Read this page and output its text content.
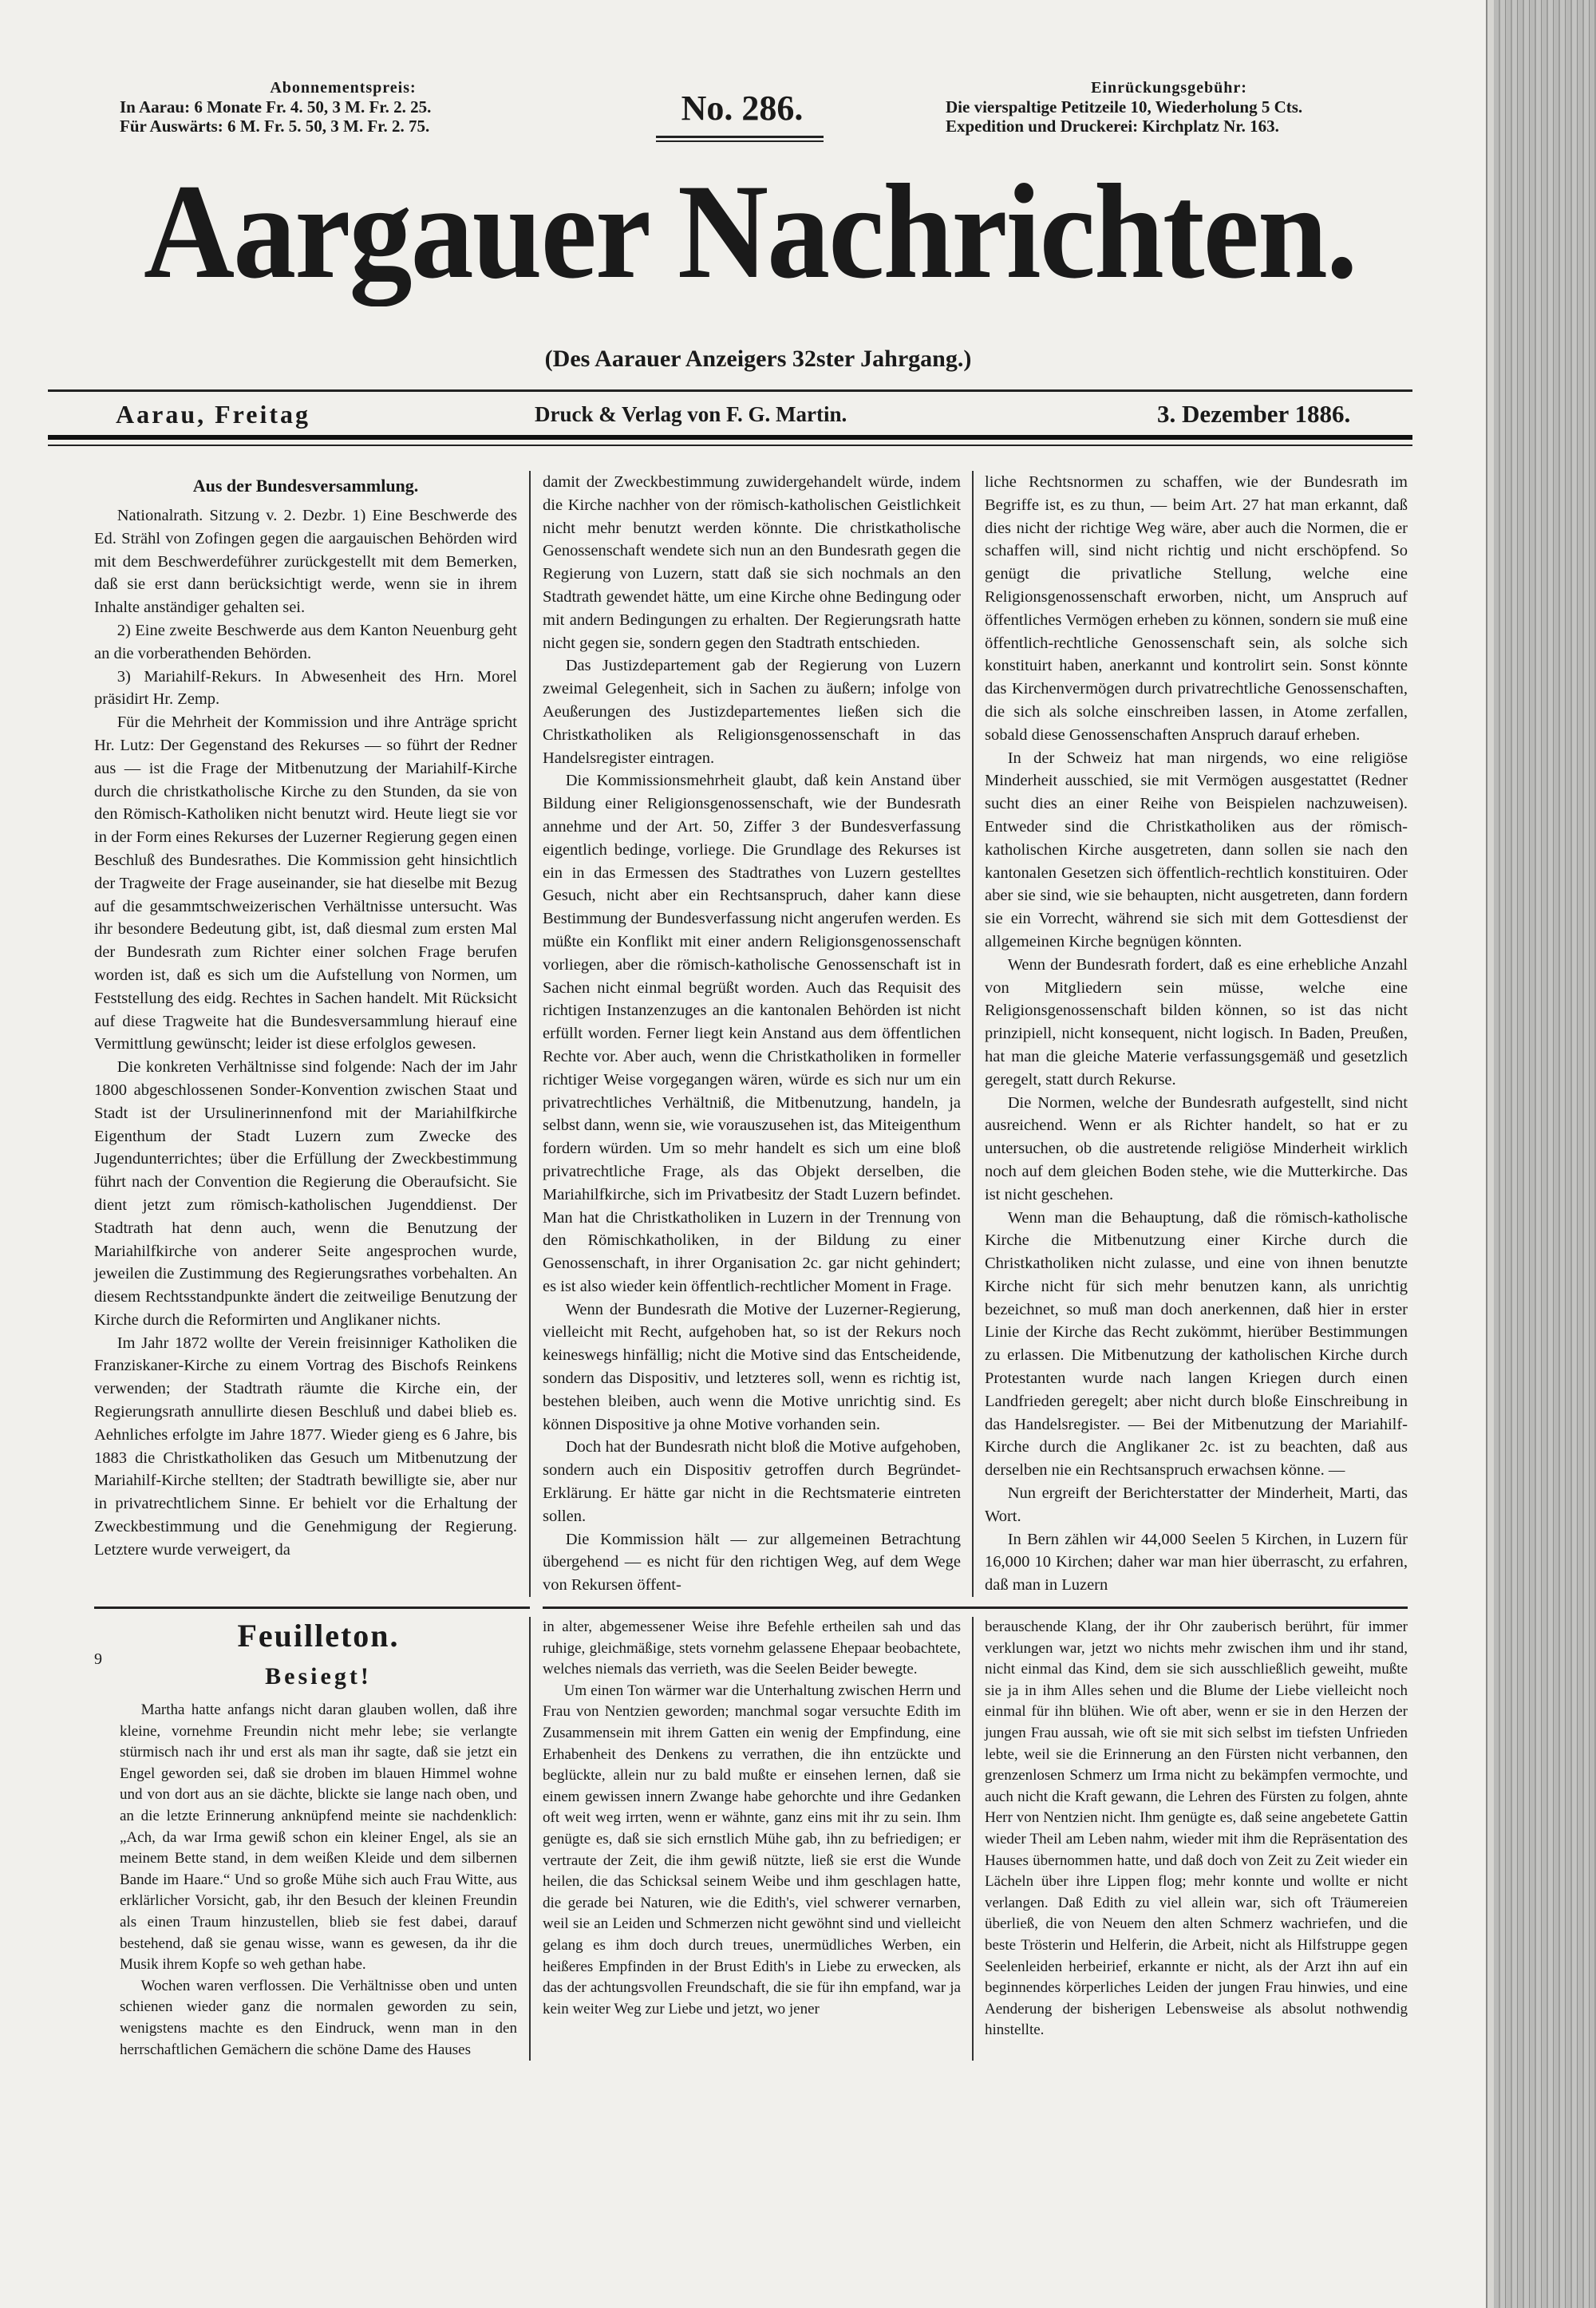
Abonnementspreis:
In Aarau: 6 Monate Fr. 4. 50, 3 M. Fr. 2. 25.
Für Auswärts: 6 M. Fr. 5. 50, 3 M. Fr. 2. 75.	No. 286.
Einrückungsgebühr:
Die vierspaltige Petitzeile 10, Wiederholung 5 Cts.
Expedition und Druckerei: Kirchplatz Nr. 163.
Aargauer Nachrichten.
(Des Aarauer Anzeigers 32ster Jahrgang.)
Aarau, Freitag	Druck & Verlag von F. G. Martin.	3. Dezember 1886.
Aus der Bundesversammlung.

Nationalrath. Sitzung v. 2. Dezbr. 1) Eine Beschwerde des Ed. Strähl von Zofingen gegen die aargauischen Behörden wird mit dem Beschwerdeführer zurückgestellt mit dem Bemerken, daß sie erst dann berücksichtigt werde, wenn sie in ihrem Inhalte anständiger gehalten sei.

2) Eine zweite Beschwerde aus dem Kanton Neuenburg geht an die vorberathenden Behörden.

3) Mariahilf-Rekurs. In Abwesenheit des Hrn. Morel präsidirt Hr. Zemp.

Für die Mehrheit der Kommission und ihre Anträge spricht Hr. Lutz: Der Gegenstand des Rekurses — so führt der Redner aus — ist die Frage der Mitbenutzung der Mariahilf-Kirche durch die christkatholische Kirche zu den Stunden, da sie von den Römisch-Katholiken nicht benutzt wird. Heute liegt sie vor in der Form eines Rekurses der Luzerner Regierung gegen einen Beschluß des Bundesrathes. Die Kommission geht hinsichtlich der Tragweite der Frage auseinander, sie hat dieselbe mit Bezug auf die gesammtschweizerischen Verhältnisse untersucht. Was ihr besondere Bedeutung gibt, ist, daß diesmal zum ersten Mal der Bundesrath zum Richter einer solchen Frage berufen worden ist, daß es sich um die Aufstellung von Normen, um Feststellung des eidg. Rechtes in Sachen handelt. Mit Rücksicht auf diese Tragweite hat die Bundesversammlung hierauf eine Vermittlung gewünscht; leider ist diese erfolglos gewesen.

Die konkreten Verhältnisse sind folgende: Nach der im Jahr 1800 abgeschlossenen Sonder-Konvention zwischen Staat und Stadt ist der Ursulinerinnenfond mit der Mariahilfkirche Eigenthum der Stadt Luzern zum Zwecke des Jugendunterrichtes; über die Erfüllung der Zweckbestimmung führt nach der Convention die Regierung die Oberaufsicht. Sie dient jetzt zum römisch-katholischen Jugenddienst. Der Stadtrath hat denn auch, wenn die Benutzung der Mariahilfkirche von anderer Seite angesprochen wurde, jeweilen die Zustimmung des Regierungsrathes vorbehalten. An diesem Rechtsstandpunkte ändert die zeitweilige Benutzung der Kirche durch die Reformirten und Anglikaner nichts.

Im Jahr 1872 wollte der Verein freisinniger Katholiken die Franziskaner-Kirche zu einem Vortrag des Bischofs Reinkens verwenden; der Stadtrath räumte die Kirche ein, der Regierungsrath annullirte diesen Beschluß und dabei blieb es. Aehnliches erfolgte im Jahre 1877. Wieder gieng es 6 Jahre, bis 1883 die Christkatholiken das Gesuch um Mitbenutzung der Mariahilf-Kirche stellten; der Stadtrath bewilligte sie, aber nur in privatrechtlichem Sinne. Er behielt vor die Erhaltung der Zweckbestimmung und die Genehmigung der Regierung. Letztere wurde verweigert, da

damit der Zweckbestimmung zuwidergehandelt würde, indem die Kirche nachher von der römisch-katholischen Geistlichkeit nicht mehr benutzt werden könnte. Die christkatholische Genossenschaft wendete sich nun an den Bundesrath gegen die Regierung von Luzern, statt daß sie sich nochmals an den Stadtrath gewendet hätte, um eine Kirche ohne Bedingung oder mit andern Bedingungen zu erhalten. Der Regierungsrath hatte nicht gegen sie, sondern gegen den Stadtrath entschieden.

Das Justizdepartement gab der Regierung von Luzern zweimal Gelegenheit, sich in Sachen zu äußern; infolge von Aeußerungen des Justizdepartementes ließen sich die Christkatholiken als Religionsgenossenschaft in das Handelsregister eintragen.

Die Kommissionsmehrheit glaubt, daß kein Anstand über Bildung einer Religionsgenossenschaft, wie der Bundesrath annehme und der Art. 50, Ziffer 3 der Bundesverfassung eigentlich bedinge, vorliege. Die Grundlage des Rekurses ist ein in das Ermessen des Stadtrathes von Luzern gestelltes Gesuch, nicht aber ein Rechtsanspruch, daher kann diese Bestimmung der Bundesverfassung nicht angerufen werden. Es müßte ein Konflikt mit einer andern Religionsgenossenschaft vorliegen, aber die römisch-katholische Genossenschaft ist in Sachen nicht einmal begrüßt worden. Auch das Requisit des richtigen Instanzenzuges an die kantonalen Behörden ist nicht erfüllt worden. Ferner liegt kein Anstand aus dem öffentlichen Rechte vor. Aber auch, wenn die Christkatholiken in formeller richtiger Weise vorgegangen wären, würde es sich nur um ein privatrechtliches Verhältniß, die Mitbenutzung, handeln, ja selbst dann, wenn sie, wie vorauszusehen ist, das Miteigenthum fordern würden. Um so mehr handelt es sich um eine bloß privatrechtliche Frage, als das Objekt derselben, die Mariahilfkirche, sich im Privatbesitz der Stadt Luzern befindet. Man hat die Christkatholiken in Luzern in der Trennung von den Römischkatholiken, in der Bildung zu einer Genossenschaft, in ihrer Organisation 2c. gar nicht gehindert; es ist also wieder kein öffentlich-rechtlicher Moment in Frage.

Wenn der Bundesrath die Motive der Luzerner-Regierung, vielleicht mit Recht, aufgehoben hat, so ist der Rekurs noch keineswegs hinfällig; nicht die Motive sind das Entscheidende, sondern das Dispositiv, und letzteres soll, wenn es richtig ist, bestehen bleiben, auch wenn die Motive unrichtig sind. Es können Dispositive ja ohne Motive vorhanden sein.

Doch hat der Bundesrath nicht bloß die Motive aufgehoben, sondern auch ein Dispositiv getroffen durch Begründet-Erklärung. Er hätte gar nicht in die Rechtsmaterie eintreten sollen.

Die Kommission hält — zur allgemeinen Betrachtung übergehend — es nicht für den richtigen Weg, auf dem Wege von Rekursen öffent-

liche Rechtsnormen zu schaffen, wie der Bundesrath im Begriffe ist, es zu thun, — beim Art. 27 hat man erkannt, daß dies nicht der richtige Weg wäre, aber auch die Normen, die er schaffen will, sind nicht richtig und nicht erschöpfend. So genügt die privatliche Stellung, welche eine Religionsgenossenschaft erworben, nicht, um Anspruch auf öffentliches Vermögen erheben zu können, sondern sie muß eine öffentlich-rechtliche Genossenschaft sein, als solche sich konstituirt haben, anerkannt und kontrolirt sein. Sonst könnte das Kirchenvermögen durch privatrechtliche Genossenschaften, die sich als solche einschreiben lassen, in Atome zerfallen, sobald diese Genossenschaften Anspruch darauf erheben.

In der Schweiz hat man nirgends, wo eine religiöse Minderheit ausschied, sie mit Vermögen ausgestattet (Redner sucht dies an einer Reihe von Beispielen nachzuweisen). Entweder sind die Christkatholiken aus der römisch-katholischen Kirche ausgetreten, dann sollen sie nach den kantonalen Gesetzen sich öffentlich-rechtlich konstituiren. Oder aber sie sind, wie sie behaupten, nicht ausgetreten, dann fordern sie ein Vorrecht, während sie sich mit dem Gottesdienst der allgemeinen Kirche begnügen könnten.

Wenn der Bundesrath fordert, daß es eine erhebliche Anzahl von Mitgliedern sein müsse, welche eine Religionsgenossenschaft bilden können, so ist das nicht prinzipiell, nicht konsequent, nicht logisch. In Baden, Preußen, hat man die gleiche Materie verfassungsgemäß und gesetzlich geregelt, statt durch Rekurse.

Die Normen, welche der Bundesrath aufgestellt, sind nicht ausreichend. Wenn er als Richter handelt, so hat er zu untersuchen, ob die austretende religiöse Minderheit wirklich noch auf dem gleichen Boden stehe, wie die Mutterkirche. Das ist nicht geschehen.

Wenn man die Behauptung, daß die römisch-katholische Kirche die Mitbenutzung einer Kirche durch die Christkatholiken nicht zulasse, und eine von ihnen benutzte Kirche nicht für sich mehr benutzen kann, als unrichtig bezeichnet, so muß man doch anerkennen, daß hier in erster Linie der Kirche das Recht zukömmt, hierüber Bestimmungen zu erlassen. Die Mitbenutzung der katholischen Kirche durch Protestanten wurde nach langen Kriegen durch einen Landfrieden geregelt; aber nicht durch bloße Einschreibung in das Handelsregister. — Bei der Mitbenutzung der Mariahilf-Kirche durch die Anglikaner 2c. ist zu beachten, daß aus derselben nie ein Rechtsanspruch erwachsen könne. —

Nun ergreift der Berichterstatter der Minderheit, Marti, das Wort.

In Bern zählen wir 44,000 Seelen 5 Kirchen, in Luzern für 16,000 10 Kirchen; daher war man hier überrascht, zu erfahren, daß man in Luzern

9
Feuilleton.
Besiegt!

Martha hatte anfangs nicht daran glauben wollen, daß ihre kleine, vornehme Freundin nicht mehr lebe; sie verlangte stürmisch nach ihr und erst als man ihr sagte, daß sie jetzt ein Engel geworden sei, daß sie droben im blauen Himmel wohne und von dort aus an sie dächte, blickte sie lange nach oben, und an die letzte Erinnerung anknüpfend meinte sie nachdenklich: „Ach, da war Irma gewiß schon ein kleiner Engel, als sie an meinem Bette stand, in dem weißen Kleide und dem silbernen Bande im Haare.“ Und so große Mühe sich auch Frau Witte, aus erklärlicher Vorsicht, gab, ihr den Besuch der kleinen Freundin als einen Traum hinzustellen, blieb sie fest dabei, darauf bestehend, daß sie genau wisse, wann es gewesen, da ihr die Musik ihrem Kopfe so weh gethan habe.

Wochen waren verflossen. Die Verhältnisse oben und unten schienen wieder ganz die normalen geworden zu sein, wenigstens machte es den Eindruck, wenn man in den herrschaftlichen Gemächern die schöne Dame des Hauses

in alter, abgemessener Weise ihre Befehle ertheilen sah und das ruhige, gleichmäßige, stets vornehm gelassene Ehepaar beobachtete, welches niemals das verrieth, was die Seelen Beider bewegte.

Um einen Ton wärmer war die Unterhaltung zwischen Herrn und Frau von Nentzien geworden; manchmal sogar versuchte Edith im Zusammensein mit ihrem Gatten ein wenig der Empfindung, eine Erhabenheit des Denkens zu verrathen, die ihn entzückte und beglückte, allein nur zu bald mußte er einsehen lernen, daß sie einem gewissen innern Zwange habe gehorchte und ihre Gedanken oft weit weg irrten, wenn er wähnte, ganz eins mit ihr zu sein. Ihm genügte es, daß sie sich ernstlich Mühe gab, ihn zu befriedigen; er vertraute der Zeit, die ihm gewiß nützte, ließ sie erst die Wunde heilen, die das Schicksal seinem Weibe und ihm geschlagen hatte, die gerade bei Naturen, wie die Edith's, viel schwerer vernarben, weil sie an Leiden und Schmerzen nicht gewöhnt sind und vielleicht gelang es ihm doch durch treues, unermüdliches Werben, ein heißeres Empfinden in der Brust Edith's in Liebe zu erwecken, als das der achtungsvollen Freundschaft, die sie für ihn empfand, war ja kein weiter Weg zur Liebe und jetzt, wo jener

berauschende Klang, der ihr Ohr zauberisch berührt, für immer verklungen war, jetzt wo nichts mehr zwischen ihm und ihr stand, nicht einmal das Kind, dem sie sich ausschließlich geweiht, mußte sie ja in ihm Alles sehen und die Blume der Liebe vielleicht noch einmal für ihn blühen. Wie oft aber, wenn er sie in den Herzen der jungen Frau aussah, wie oft sie mit sich selbst im tiefsten Unfrieden lebte, weil sie die Erinnerung an den Fürsten nicht verbannen, den grenzenlosen Schmerz um Irma nicht zu bekämpfen vermochte, und auch nicht die Kraft gewann, die Lehren des Fürsten zu folgen, ahnte Herr von Nentzien nicht. Ihm genügte es, daß seine angebetete Gattin wieder Theil am Leben nahm, wieder mit ihm die Repräsentation des Hauses übernommen hatte, und daß doch von Zeit zu Zeit wieder ein Lächeln über ihre Lippen flog; mehr konnte und wollte er nicht verlangen. Daß Edith zu viel allein war, sich oft Träumereien überließ, die von Neuem den alten Schmerz wachriefen, und die beste Trösterin und Helferin, die Arbeit, nicht als Hilfstruppe gegen Seelenleiden herbeirief, erkannte er nicht, als der Arzt ihn auf ein beginnendes körperliches Leiden der jungen Frau hinwies, und eine Aenderung der bisherigen Lebensweise als absolut nothwendig hinstellte.
